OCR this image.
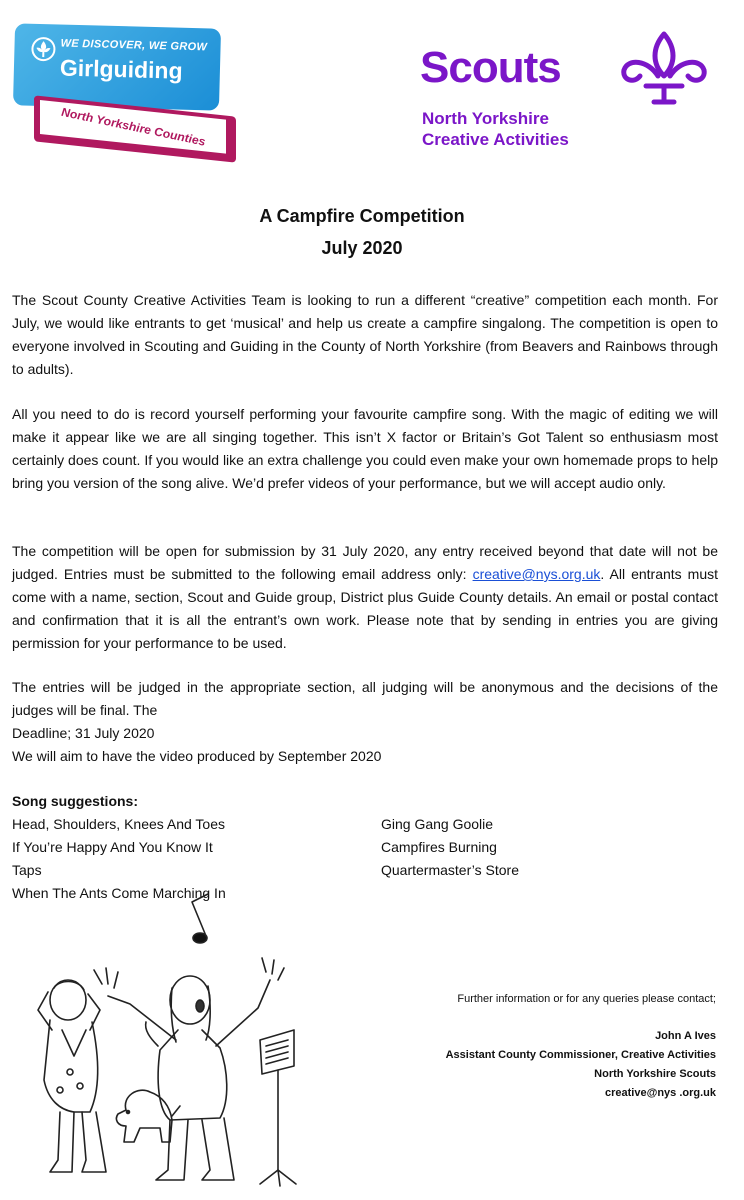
WE DISCOVER, WE GROW
Girlguiding
North Yorkshire Counties
Scouts
North Yorkshire
Creative Activities
A Campfire Competition
July 2020
The Scout County Creative Activities Team is looking to run a different “creative” competition each month. For July, we would like entrants to get ‘musical’ and help us create a campfire singalong. The competition is open to everyone involved in Scouting and Guiding in the County of North Yorkshire (from Beavers and Rainbows through to adults).
All you need to do is record yourself performing your favourite campfire song. With the magic of editing we will make it appear like we are all singing together. This isn’t X factor or Britain’s Got Talent so enthusiasm most certainly does count. If you would like an extra challenge you could even make your own homemade props to help bring you version of the song alive. We’d prefer videos of your performance, but we will accept audio only.
The competition will be open for submission by 31 July 2020, any entry received beyond that date will not be judged. Entries must be submitted to the following email address only: creative@nys.org.uk. All entrants must come with a name, section, Scout and Guide group, District plus Guide County details. An email or postal contact and confirmation that it is all the entrant’s own work. Please note that by sending in entries you are giving permission for your performance to be used.
The entries will be judged in the appropriate section, all judging will be anonymous and the decisions of the judges will be final. The
Deadline; 31 July 2020
We will aim to have the video produced by September 2020
Song suggestions:
Head, Shoulders, Knees And Toes
If You’re Happy And You Know It
Taps
When The Ants Come Marching In
Ging Gang Goolie
Campfires Burning
Quartermaster’s Store
Further information or for any queries please contact;
John A Ives
Assistant County Commissioner, Creative Activities
North Yorkshire Scouts
creative@nys .org.uk
